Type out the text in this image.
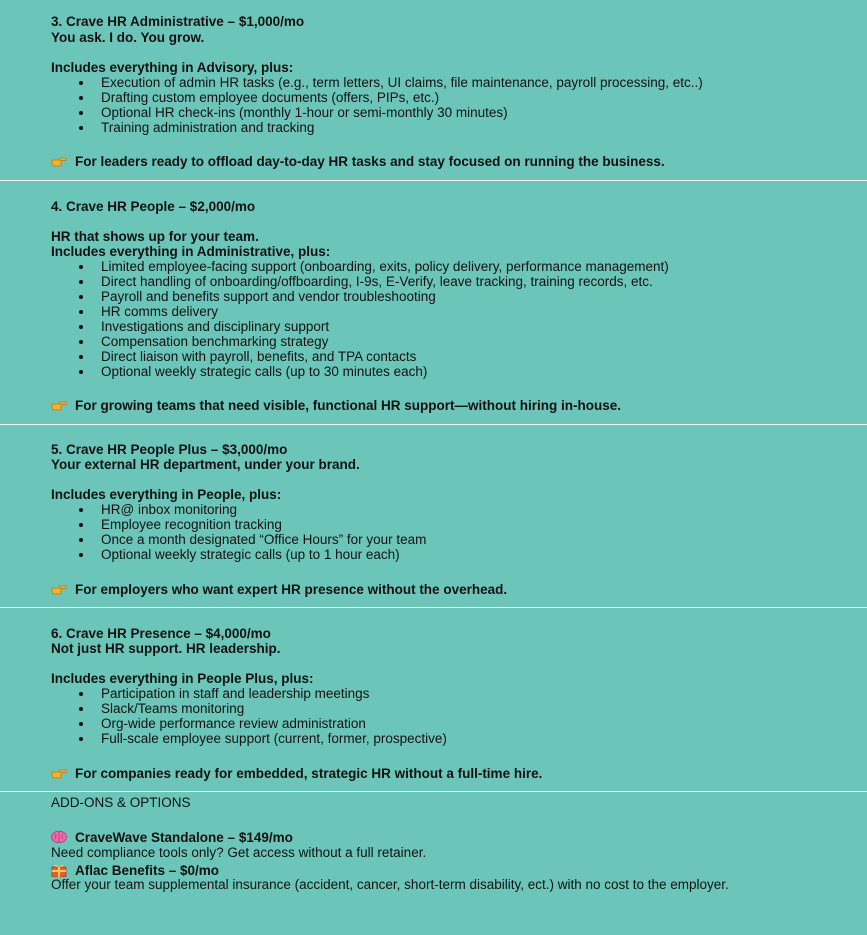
3. Crave HR Administrative – $1,000/mo
You ask. I do. You grow.
Includes everything in Advisory, plus:
Execution of admin HR tasks (e.g., term letters, UI claims, file maintenance, payroll processing, etc..)
Drafting custom employee documents (offers, PIPs, etc.)
Optional HR check-ins (monthly 1-hour or semi-monthly 30 minutes)
Training administration and tracking
For leaders ready to offload day-to-day HR tasks and stay focused on running the business.
4. Crave HR People – $2,000/mo
HR that shows up for your team.
Includes everything in Administrative, plus:
Limited employee-facing support (onboarding, exits, policy delivery, performance management)
Direct handling of onboarding/offboarding, I-9s, E-Verify, leave tracking, training records, etc.
Payroll and benefits support and vendor troubleshooting
HR comms delivery
Investigations and disciplinary support
Compensation benchmarking strategy
Direct liaison with payroll, benefits, and TPA contacts
Optional weekly strategic calls (up to 30 minutes each)
For growing teams that need visible, functional HR support—without hiring in-house.
5. Crave HR People Plus – $3,000/mo
Your external HR department, under your brand.
Includes everything in People, plus:
HR@ inbox monitoring
Employee recognition tracking
Once a month designated “Office Hours” for your team
Optional weekly strategic calls (up to 1 hour each)
For employers who want expert HR presence without the overhead.
6. Crave HR Presence – $4,000/mo
Not just HR support. HR leadership.
Includes everything in People Plus, plus:
Participation in staff and leadership meetings
Slack/Teams monitoring
Org-wide performance review administration
Full-scale employee support (current, former, prospective)
For companies ready for embedded, strategic HR without a full-time hire.
ADD-ONS & OPTIONS
CraveWave Standalone – $149/mo
Need compliance tools only? Get access without a full retainer.
Aflac Benefits – $0/mo
Offer your team supplemental insurance (accident, cancer, short-term disability, ect.) with no cost to the employer.
